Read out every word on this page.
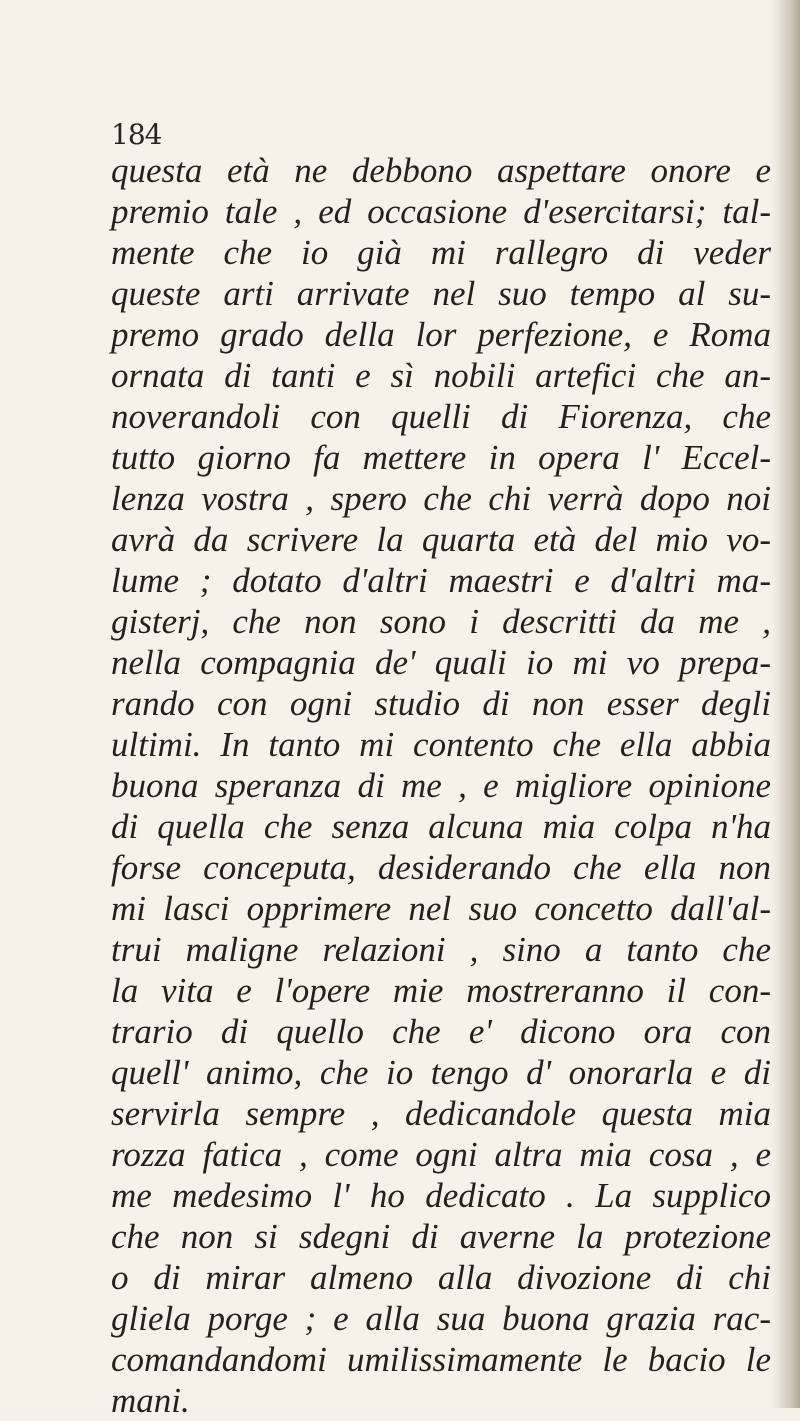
184
questa età ne debbono aspettare onore e
premio tale , ed occasione d'esercitarsi; tal-
mente che io già mi rallegro di veder
queste arti arrivate nel suo tempo al su-
premo grado della lor perfezione, e Roma
ornata di tanti e sì nobili artefici che an-
noverandoli con quelli di Fiorenza, che
tutto giorno fa mettere in opera l' Eccel-
lenza vostra , spero che chi verrà dopo noi
avrà da scrivere la quarta età del mio vo-
lume ; dotato d'altri maestri e d'altri ma-
gisterj, che non sono i descritti da me ,
nella compagnia de' quali io mi vo prepa-
rando con ogni studio di non esser degli
ultimi. In tanto mi contento che ella abbia
buona speranza di me , e migliore opinione
di quella che senza alcuna mia colpa n'ha
forse conceputa, desiderando che ella non
mi lasci opprimere nel suo concetto dall'al-
trui maligne relazioni , sino a tanto che
la vita e l'opere mie mostreranno il con-
trario di quello che e' dicono ora con
quell' animo, che io tengo d' onorarla e di
servirla sempre , dedicandole questa mia
rozza fatica , come ogni altra mia cosa , e
me medesimo l' ho dedicato . La supplico
che non si sdegni di averne la protezione
o di mirar almeno alla divozione di chi
gliela porge ; e alla sua buona grazia rac-
comandandomi umilissimamente le bacio le
mani.
